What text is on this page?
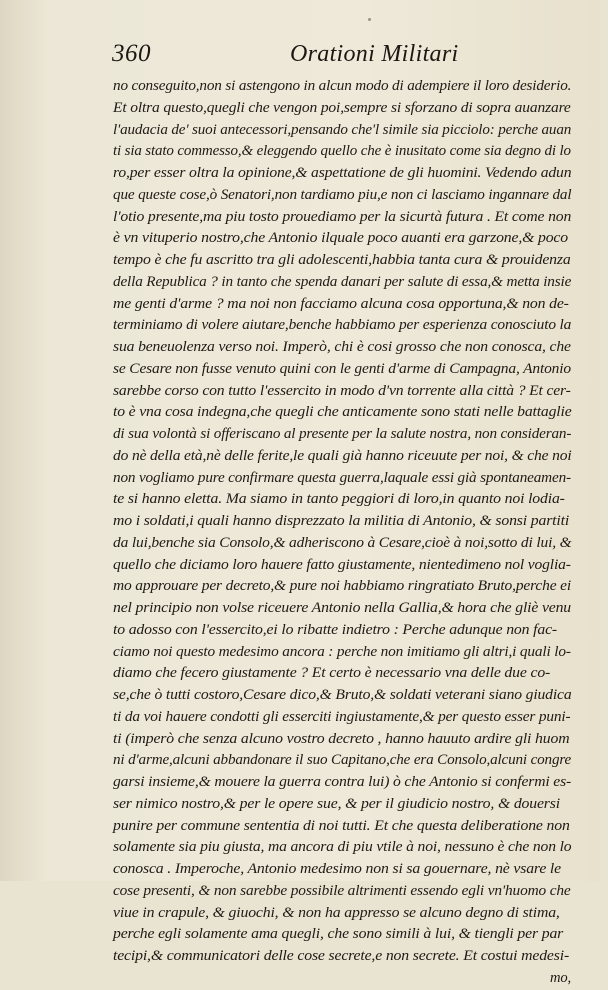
360	Orationi Militari
no conseguito,non si astengono in alcun modo di adempiere il loro desiderio.
Et oltra questo,quegli che vengon poi,sempre si sforzano di sopra auanzare
l'audacia de' suoi antecessori,pensando che'l simile sia picciolo: perche auan
ti sia stato commesso,& eleggendo quello che è inusitato come sia degno di lo
ro,per esser oltra la opinione,& aspettatione de gli huomini. Vedendo adun
que queste cose,ò Senatori,non tardiamo piu,e non ci lasciamo ingannare dal
l'otio presente,ma piu tosto prouediamo per la sicurtà futura . Et come non
è vn vituperio nostro,che Antonio ilquale poco auanti era garzone,& poco
tempo è che fu ascritto tra gli adolescenti,habbia tanta cura & prouidenza
della Republica ? in tanto che spenda danari per salute di essa,& metta insie
me genti d'arme ? ma noi non facciamo alcuna cosa opportuna,& non de-
terminiamo di volere aiutare,benche habbiamo per esperienza conosciuto la
sua beneuolenza verso noi. Imperò, chi è cosi grosso che non conosca, che
se Cesare non fusse venuto quini con le genti d'arme di Campagna, Antonio
sarebbe corso con tutto l'essercito in modo d'vn torrente alla città ? Et cer-
to è vna cosa indegna,che quegli che anticamente sono stati nelle battaglie
di sua volontà si offeriscano al presente per la salute nostra, non consideran-
do nè della età,nè delle ferite,le quali già hanno riceuute per noi, & che noi
non vogliamo pure confirmare questa guerra,laquale essi già spontaneamen-
te si hanno eletta. Ma siamo in tanto peggiori di loro,in quanto noi lodia-
mo i soldati,i quali hanno disprezzato la militia di Antonio, & sonsi partiti
da lui,benche sia Consolo,& adheriscono à Cesare,cioè à noi,sotto di lui, &
quello che diciamo loro hauere fatto giustamente, nientedimeno nol voglia-
mo approuare per decreto,& pure noi habbiamo ringratiato Bruto,perche ei
nel principio non volse riceuere Antonio nella Gallia,& hora che gliè venu
to adosso con l'essercito,ei lo ribatte indietro : Perche adunque non fac-
ciamo noi questo medesimo ancora : perche non imitiamo gli altri,i quali lo-
diamo che fecero giustamente ? Et certo è necessario vna delle due co-
se,che ò tutti costoro,Cesare dico,& Bruto,& soldati veterani siano giudica
ti da voi hauere condotti gli esserciti ingiustamente,& per questo esser puni-
ti (imperò che senza alcuno vostro decreto , hanno hauuto ardire gli huom
ni d'arme,alcuni abbandonare il suo Capitano,che era Consolo,alcuni congre
garsi insieme,& mouere la guerra contra lui) ò che Antonio si confermi es-
ser nimico nostro,& per le opere sue, & per il giudicio nostro, & douersi
punire per commune sententia di noi tutti. Et che questa deliberatione non
solamente sia piu giusta, ma ancora di piu vtile à noi, nessuno è che non lo
conosca . Imperoche, Antonio medesimo non si sa gouernare, nè vsare le
cose presenti, & non sarebbe possibile altrimenti essendo egli vn'huomo che
viue in crapule, & giuochi, & non ha appresso se alcuno degno di stima,
perche egli solamente ama quegli, che sono simili à lui, & tiengli per par
tecipi,& communicatori delle cose secrete,e non secrete. Et costui medesi-
mo,
